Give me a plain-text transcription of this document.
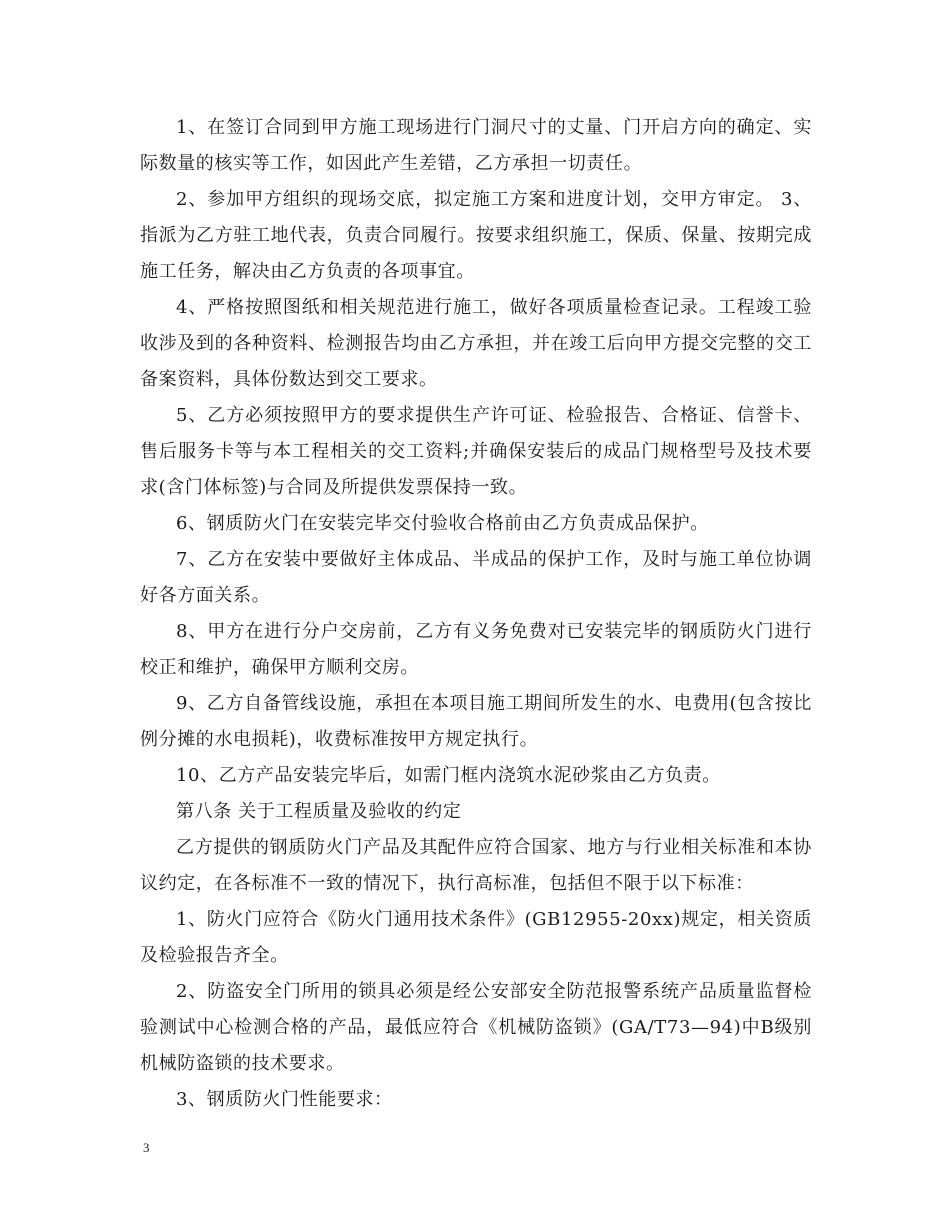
1、在签订合同到甲方施工现场进行门洞尺寸的丈量、门开启方向的确定、实际数量的核实等工作，如因此产生差错，乙方承担一切责任。

2、参加甲方组织的现场交底，拟定施工方案和进度计划，交甲方审定。 3、指派为乙方驻工地代表，负责合同履行。按要求组织施工，保质、保量、按期完成施工任务，解决由乙方负责的各项事宜。

4、严格按照图纸和相关规范进行施工，做好各项质量检查记录。工程竣工验收涉及到的各种资料、检测报告均由乙方承担，并在竣工后向甲方提交完整的交工备案资料，具体份数达到交工要求。

5、乙方必须按照甲方的要求提供生产许可证、检验报告、合格证、信誉卡、售后服务卡等与本工程相关的交工资料;并确保安装后的成品门规格型号及技术要求(含门体标签)与合同及所提供发票保持一致。

6、钢质防火门在安装完毕交付验收合格前由乙方负责成品保护。

7、乙方在安装中要做好主体成品、半成品的保护工作，及时与施工单位协调好各方面关系。

8、甲方在进行分户交房前，乙方有义务免费对已安装完毕的钢质防火门进行校正和维护，确保甲方顺利交房。

9、乙方自备管线设施，承担在本项目施工期间所发生的水、电费用(包含按比例分摊的水电损耗)，收费标准按甲方规定执行。

10、乙方产品安装完毕后，如需门框内浇筑水泥砂浆由乙方负责。

第八条 关于工程质量及验收的约定

乙方提供的钢质防火门产品及其配件应符合国家、地方与行业相关标准和本协议约定，在各标准不一致的情况下，执行高标准，包括但不限于以下标准：

1、防火门应符合《防火门通用技术条件》(GB12955-20xx)规定，相关资质及检验报告齐全。

2、防盗安全门所用的锁具必须是经公安部安全防范报警系统产品质量监督检验测试中心检测合格的产品，最低应符合《机械防盗锁》(GA/T73—94)中B级别机械防盗锁的技术要求。

3、钢质防火门性能要求：

3
